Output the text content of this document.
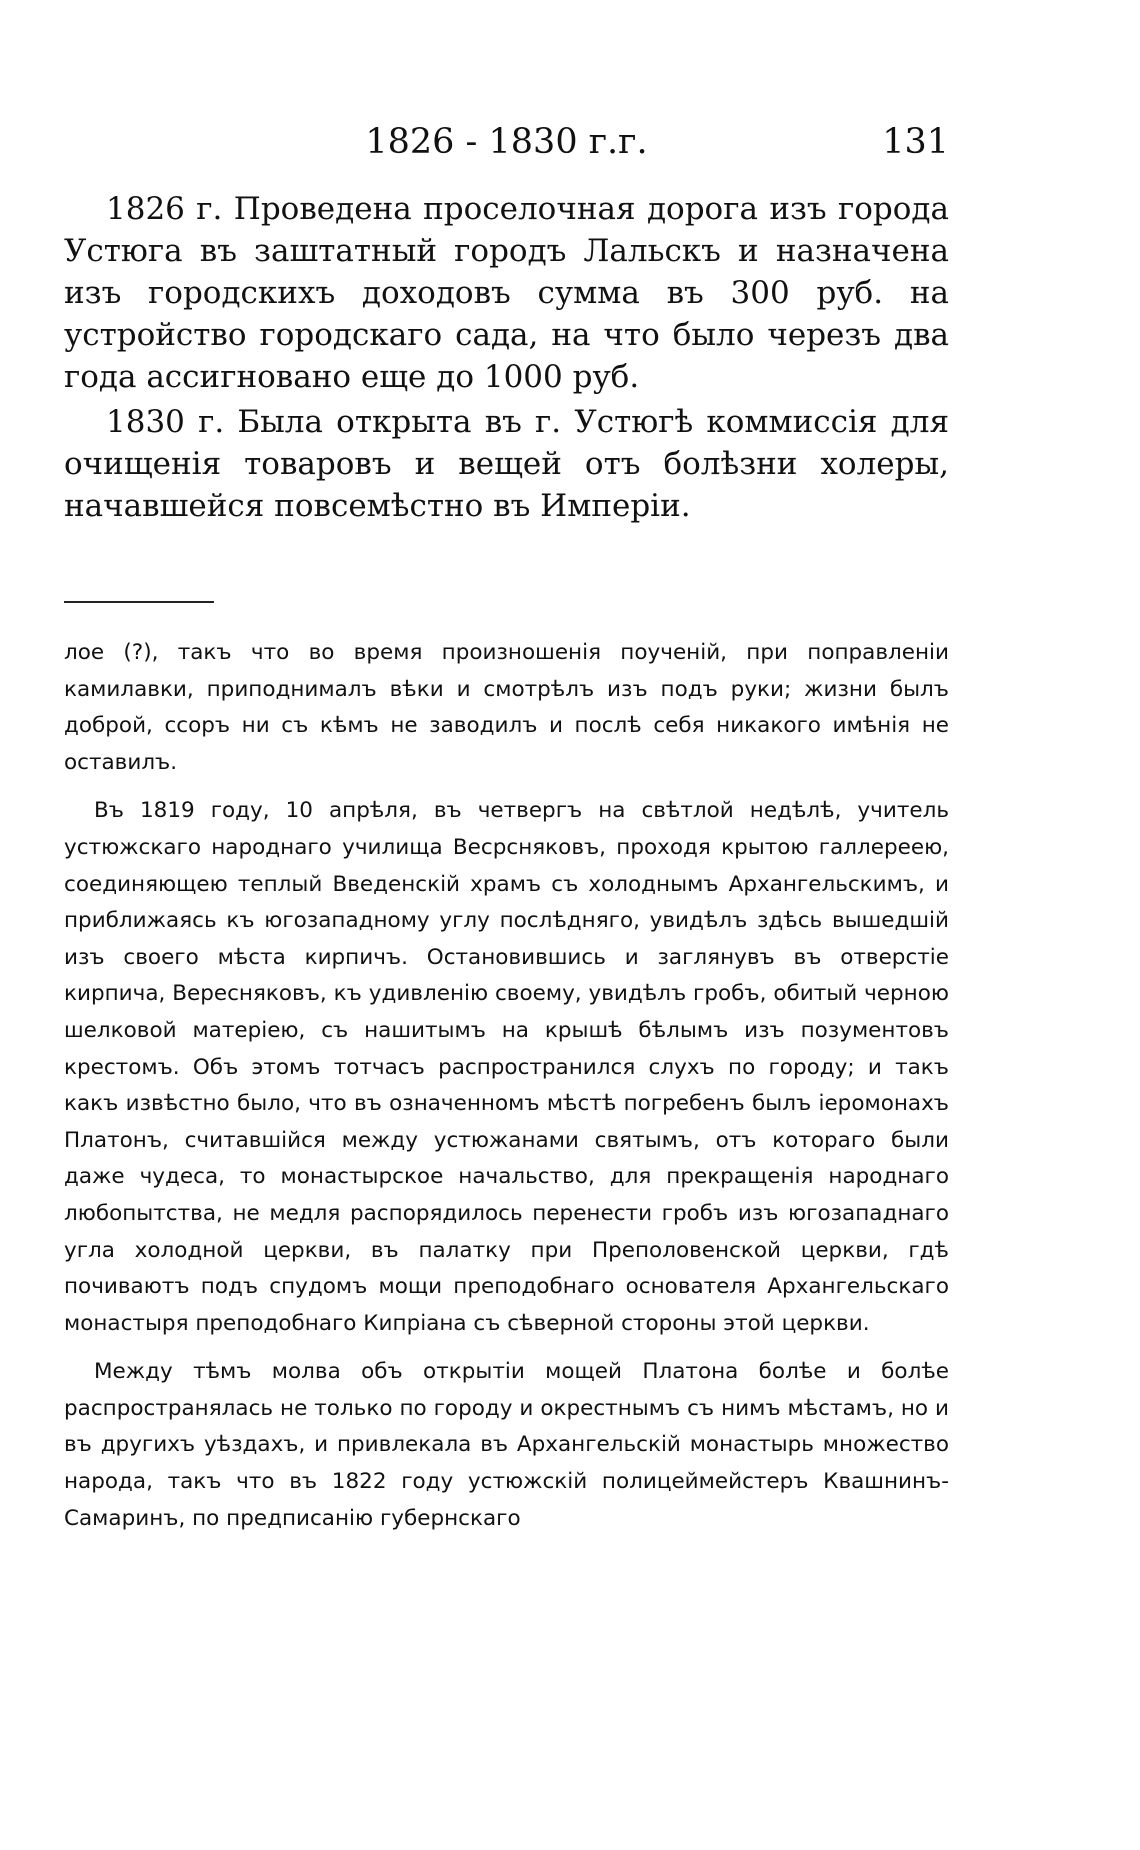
1826 - 1830 г.г.	131

1826 г. Проведена проселочная дорога изъ города Устюга въ заштатный городъ Лальскъ и назначена изъ городскихъ доходовъ сумма въ 300 руб. на устройство городскаго сада, на что было черезъ два года ассигновано еще до 1000 руб.

1830 г. Была открыта въ г. Устюгѣ коммиссія для очищенія товаровъ и вещей отъ болѣзни холеры, начавшейся повсемѣстно въ Имперіи.

лое (?), такъ что во время произношенія поученій, при поправленіи камилавки, приподнималъ вѣки и смотрѣлъ изъ подъ руки; жизни былъ доброй, ссоръ ни съ кѣмъ не заводилъ и послѣ себя никакого имѣнія не оставилъ.

Въ 1819 году, 10 апрѣля, въ четвергъ на свѣтлой недѣлѣ, учитель устюжскаго народнаго училища Весрсняковъ, проходя крытою галлереею, соединяющею теплый Введенскій храмъ съ холоднымъ Архангельскимъ, и приближаясь къ югозападному углу послѣдняго, увидѣлъ здѣсь вышедшій изъ своего мѣста кирпичъ. Остановившись и заглянувъ въ отверстіе кирпича, Вересняковъ, къ удивленію своему, увидѣлъ гробъ, обитый черною шелковой матеріею, съ нашитымъ на крышѣ бѣлымъ изъ позументовъ крестомъ. Объ этомъ тотчасъ распространился слухъ по городу; и такъ какъ извѣстно было, что въ означенномъ мѣстѣ погребенъ былъ іеромонахъ Платонъ, считавшійся между устюжанами святымъ, отъ котораго были даже чудеса, то монастырское начальство, для прекращенія народнаго любопытства, не медля распорядилось перенести гробъ изъ югозападнаго угла холодной церкви, въ палатку при Преполовенской церкви, гдѣ почиваютъ подъ спудомъ мощи преподобнаго основателя Архангельскаго монастыря преподобнаго Кипріана съ сѣверной стороны этой церкви.

Между тѣмъ молва объ открытіи мощей Платона болѣе и болѣе распространялась не только по городу и окрестнымъ съ нимъ мѣстамъ, но и въ другихъ уѣздахъ, и привлекала въ Архангельскій монастырь множество народа, такъ что въ 1822 году устюжскій полицеймейстеръ Квашнинъ-Самаринъ, по предписанію губернскаго
